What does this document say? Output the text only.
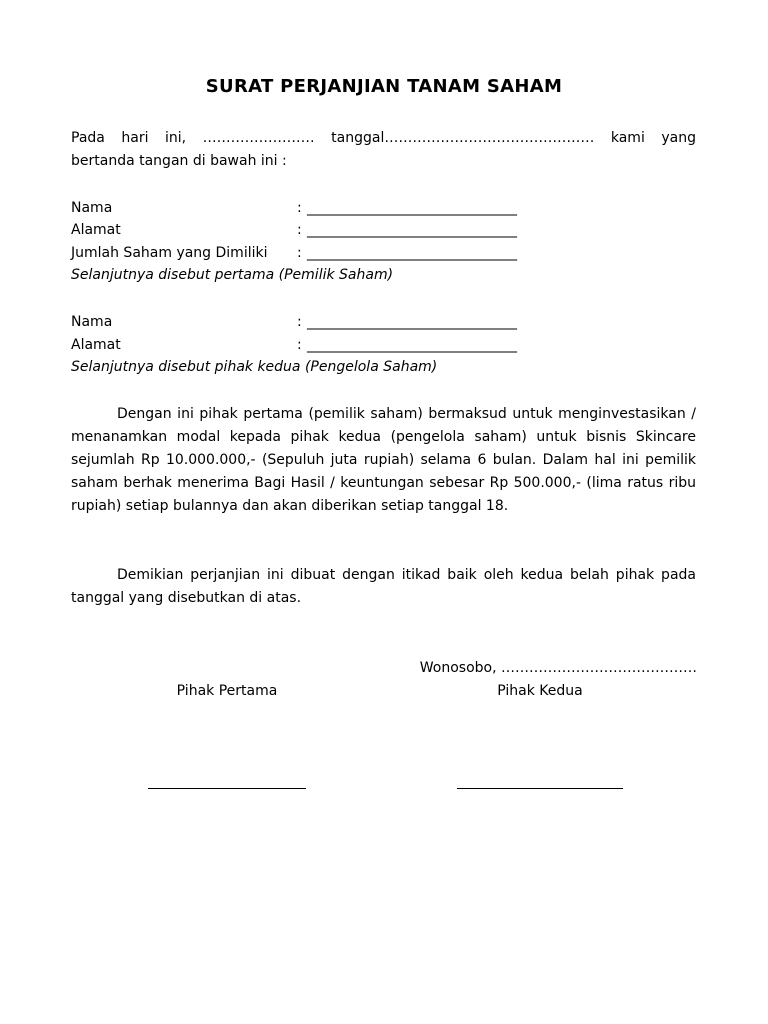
SURAT PERJANJIAN TANAM SAHAM
Pada hari ini, …………………… tanggal……………………………………… kami yang
bertanda tangan di bawah ini :
Nama	: ______________________________
Alamat	: ______________________________
Jumlah Saham yang Dimiliki : ______________________________
Selanjutnya disebut pertama (Pemilik Saham)
Nama	: ______________________________
Alamat	: ______________________________
Selanjutnya disebut pihak kedua (Pengelola Saham)
Dengan ini pihak pertama (pemilik saham) bermaksud untuk menginvestasikan / menanamkan modal kepada pihak kedua (pengelola saham) untuk bisnis Skincare sejumlah Rp 10.000.000,- (Sepuluh juta rupiah) selama 6 bulan. Dalam hal ini pemilik saham berhak menerima Bagi Hasil / keuntungan sebesar Rp 500.000,- (lima ratus ribu rupiah) setiap bulannya dan akan diberikan setiap tanggal 18.
Demikian perjanjian ini dibuat dengan itikad baik oleh kedua belah pihak pada tanggal yang disebutkan di atas.
Wonosobo, ……………………………………
Pihak Pertama	Pihak Kedua
